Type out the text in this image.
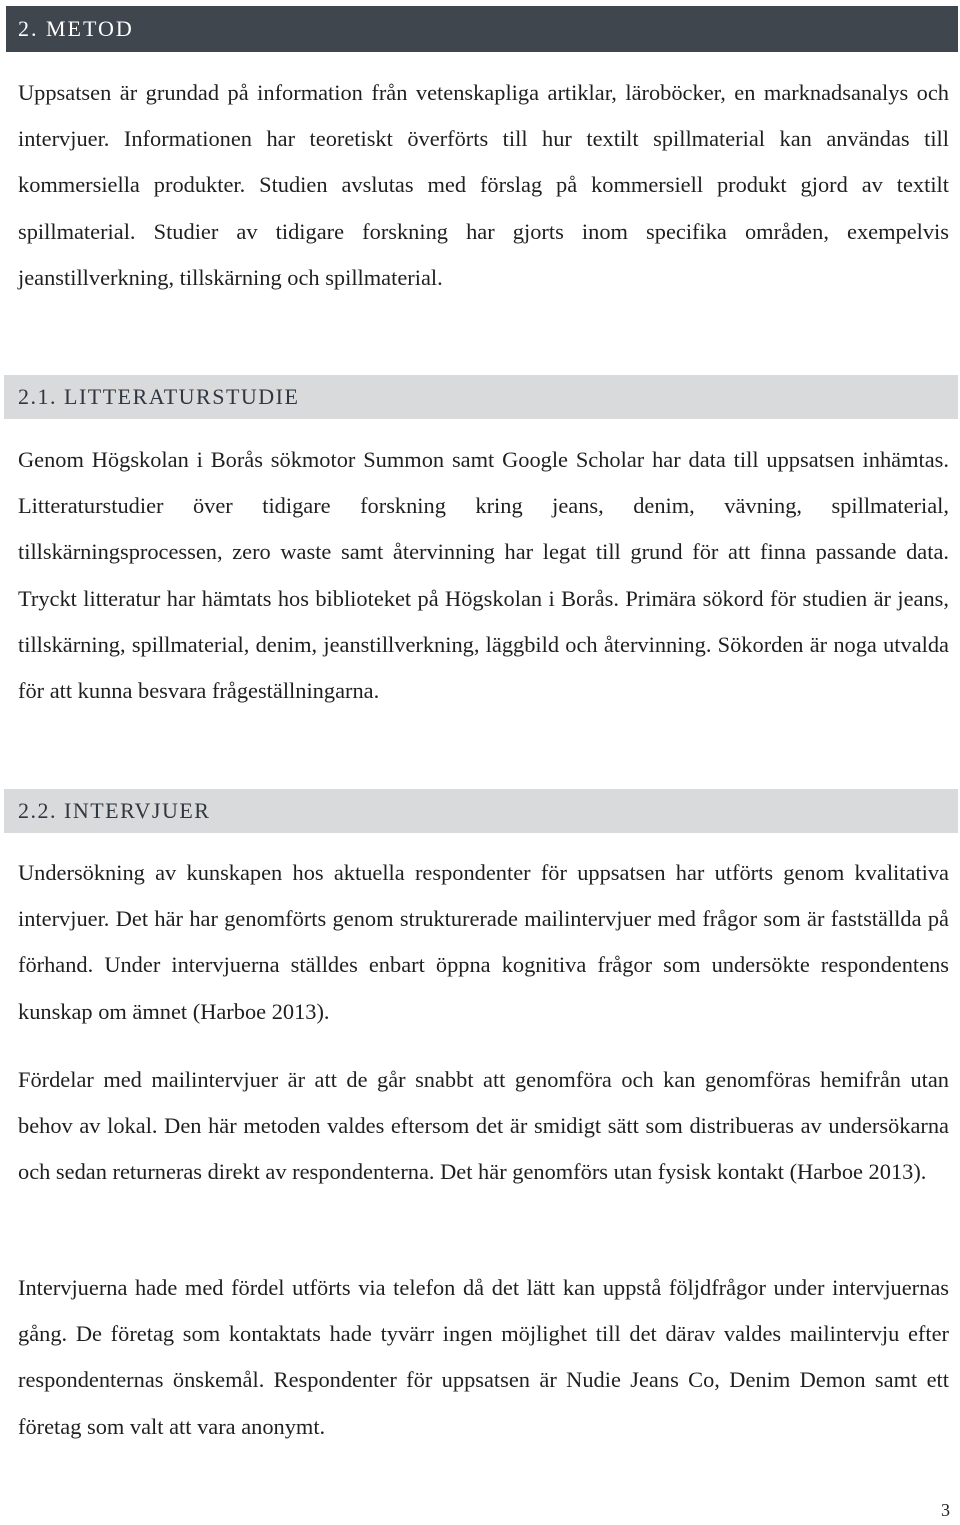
2. METOD

Uppsatsen är grundad på information från vetenskapliga artiklar, läroböcker, en marknadsanalys och intervjuer. Informationen har teoretiskt överförts till hur textilt spillmaterial kan användas till kommersiella produkter. Studien avslutas med förslag på kommersiell produkt gjord av textilt spillmaterial. Studier av tidigare forskning har gjorts inom specifika områden, exempelvis jeanstillverkning, tillskärning och spillmaterial.

2.1. LITTERATURSTUDIE

Genom Högskolan i Borås sökmotor Summon samt Google Scholar har data till uppsatsen inhämtas. Litteraturstudier över tidigare forskning kring jeans, denim, vävning, spillmaterial, tillskärningsprocessen, zero waste samt återvinning har legat till grund för att finna passande data. Tryckt litteratur har hämtats hos biblioteket på Högskolan i Borås. Primära sökord för studien är jeans, tillskärning, spillmaterial, denim, jeanstillverkning, läggbild och återvinning. Sökorden är noga utvalda för att kunna besvara frågeställningarna.

2.2. INTERVJUER

Undersökning av kunskapen hos aktuella respondenter för uppsatsen har utförts genom kvalitativa intervjuer. Det här har genomförts genom strukturerade mailintervjuer med frågor som är fastställda på förhand. Under intervjuerna ställdes enbart öppna kognitiva frågor som undersökte respondentens kunskap om ämnet (Harboe 2013).

Fördelar med mailintervjuer är att de går snabbt att genomföra och kan genomföras hemifrån utan behov av lokal. Den här metoden valdes eftersom det är smidigt sätt som distribueras av undersökarna och sedan returneras direkt av respondenterna. Det här genomförs utan fysisk kontakt (Harboe 2013).

Intervjuerna hade med fördel utförts via telefon då det lätt kan uppstå följdfrågor under intervjuernas gång. De företag som kontaktats hade tyvärr ingen möjlighet till det därav valdes mailintervju efter respondenternas önskemål. Respondenter för uppsatsen är Nudie Jeans Co, Denim Demon samt ett företag som valt att vara anonymt.

3
